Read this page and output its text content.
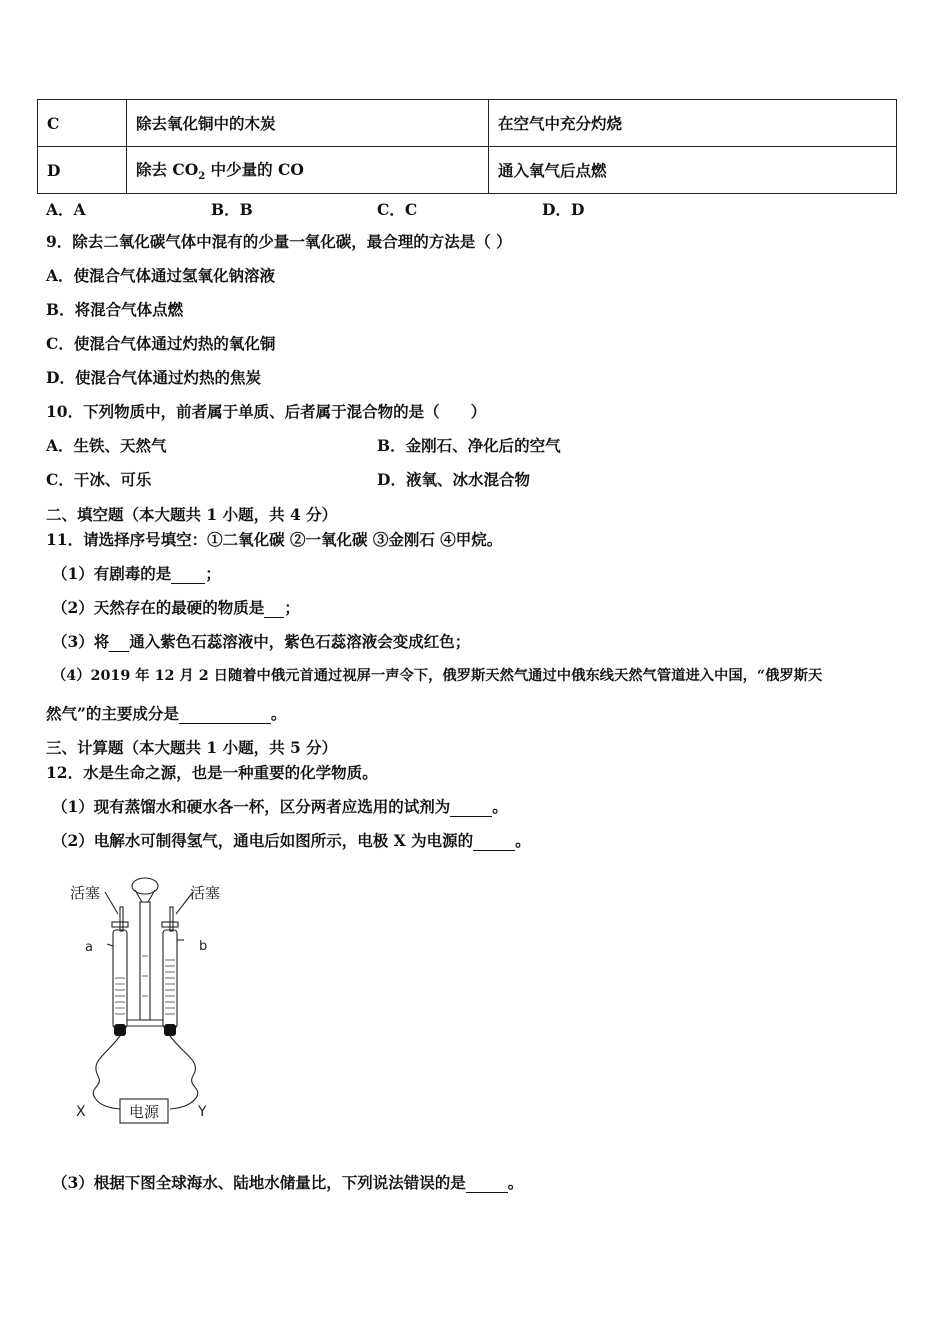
C	除去氧化铜中的木炭	在空气中充分灼烧
D	除去 $CO_2$ 中少量的 CO	通入氧气后点燃
A．A	B．B	C．C	D．D
9．除去二氧化碳气体中混有的少量一氧化碳，最合理的方法是（ ）
A．使混合气体通过氢氧化钠溶液
B．将混合气体点燃
C．使混合气体通过灼热的氧化铜
D．使混合气体通过灼热的焦炭
10．下列物质中，前者属于单质、后者属于混合物的是（　　）
A．生铁、天然气	B．金刚石、净化后的空气
C．干冰、可乐	D．液氧、冰水混合物
二、填空题（本大题共 1 小题，共 4 分）
11．请选择序号填空：①二氧化碳 ②一氧化碳 ③金刚石 ④甲烷。
（1）有剧毒的是 ；
（2）天然存在的最硬的物质是 ；
（3）将 通入紫色石蕊溶液中，紫色石蕊溶液会变成红色；
（4）2019 年 12 月 2 日随着中俄元首通过视屏一声令下，俄罗斯天然气通过中俄东线天然气管道进入中国，“俄罗斯天
然气”的主要成分是	。
三、计算题（本大题共 1 小题，共 5 分）
12．水是生命之源，也是一种重要的化学物质。
（1）现有蒸馏水和硬水各一杯，区分两者应选用的试剂为	。
（2）电解水可制得氢气，通电后如图所示，电极 X 为电源的	。
活塞	活塞
a	b
X	Y
电源
（3）根据下图全球海水、陆地水储量比，下列说法错误的是	。
